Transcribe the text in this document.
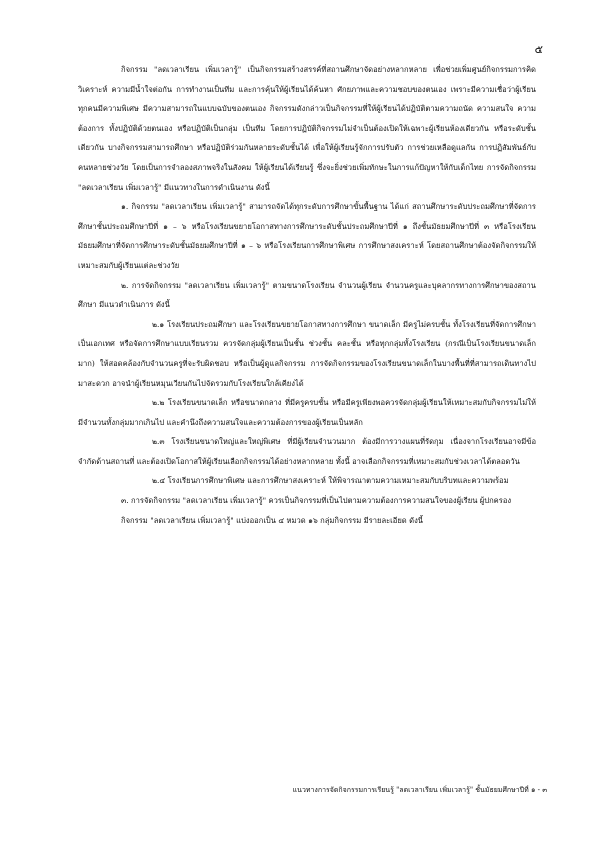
๕

กิจกรรม "ลดเวลาเรียน เพิ่มเวลารู้" เป็นกิจกรรมสร้างสรรค์ที่สถานศึกษาจัดอย่างหลากหลาย เพื่อช่วยเพิ่มศูนย์กิจกรรมการคิดวิเคราะห์ ความมีน้ำใจต่อกัน การทำงานเป็นทีม และการคุ้นให้ผู้เรียนได้ค้นหา ศักยภาพและความชอบของตนเอง เพราะมีความเชื่อว่าผู้เรียนทุกคนมีความพิเศษ มีความสามารถในแบบฉบับของตนเอง กิจกรรมดังกล่าวเป็นกิจกรรมที่ให้ผู้เรียนได้ปฏิบัติตามความถนัด ความสนใจ ความต้องการ ทั้งปฏิบัติด้วยตนเอง หรือปฏิบัติเป็นกลุ่ม เป็นทีม โดยการปฏิบัติกิจกรรมไม่จำเป็นต้องเปิดให้เฉพาะผู้เรียนห้องเดียวกัน หรือระดับชั้นเดียวกัน บางกิจกรรมสามารถศึกษา หรือปฏิบัติร่วมกันหลายระดับชั้นได้ เพื่อให้ผู้เรียนรู้จักการปรับตัว การช่วยเหลือดูแลกัน การปฏิสัมพันธ์กับคนหลายช่วงวัย โดยเป็นการจำลองสภาพจริงในสังคม ให้ผู้เรียนได้เรียนรู้ ซึ่งจะยิ่งช่วยเพิ่มทักษะในการแก้ปัญหาให้กับเด็กไทย การจัดกิจกรรม "ลดเวลาเรียน เพิ่มเวลารู้" มีแนวทางในการดำเนินงาน ดังนี้

๑. กิจกรรม "ลดเวลาเรียน เพิ่มเวลารู้" สามารถจัดได้ทุกระดับการศึกษาขั้นพื้นฐาน ได้แก่ สถานศึกษาระดับประถมศึกษาที่จัดการศึกษาชั้นประถมศึกษาปีที่ ๑ – ๖ หรือโรงเรียนขยายโอกาสทางการศึกษาระดับชั้นประถมศึกษาปีที่ ๑ ถึงชั้นมัธยมศึกษาปีที่ ๓ หรือโรงเรียนมัธยมศึกษาที่จัดการศึกษาระดับชั้นมัธยมศึกษาปีที่ ๑ – ๖ หรือโรงเรียนการศึกษาพิเศษ การศึกษาสงเคราะห์ โดยสถานศึกษาต้องจัดกิจกรรมให้เหมาะสมกับผู้เรียนแต่ละช่วงวัย

๒. การจัดกิจกรรม "ลดเวลาเรียน เพิ่มเวลารู้" ตามขนาดโรงเรียน จำนวนผู้เรียน จำนวนครูและบุคลากรทางการศึกษาของสถานศึกษา มีแนวดำเนินการ ดังนี้

๒.๑ โรงเรียนประถมศึกษา และโรงเรียนขยายโอกาสทางการศึกษา ขนาดเล็ก มีครูไม่ครบชั้น ทั้งโรงเรียนที่จัดการศึกษาเป็นเอกเทศ หรือจัดการศึกษาแบบเรียนรวม ควรจัดกลุ่มผู้เรียนเป็นชั้น ช่วงชั้น คละชั้น หรือทุกกลุ่มทั้งโรงเรียน (กรณีเป็นโรงเรียนขนาดเล็กมาก) ให้สอดคล้องกับจำนวนครูที่จะรับผิดชอบ หรือเป็นผู้ดูแลกิจกรรม การจัดกิจกรรมของโรงเรียนขนาดเล็กในบางพื้นที่ที่สามารถเดินทางไปมาสะดวก อาจนำผู้เรียนหมุนเวียนกันไปจัดรวมกับโรงเรียนใกล้เคียงได้

๒.๒ โรงเรียนขนาดเล็ก หรือขนาดกลาง ที่มีครูครบชั้น หรือมีครูเพียงพอควรจัดกลุ่มผู้เรียนให้เหมาะสมกับกิจกรรมไม่ให้มีจำนวนทั้งกลุ่มมากเกินไป และคำนึงถึงความสนใจและความต้องการของผู้เรียนเป็นหลัก

๒.๓ โรงเรียนขนาดใหญ่และใหญ่พิเศษ ที่มีผู้เรียนจำนวนมาก ต้องมีการวางแผนที่รัดกุม เนื่องจากโรงเรียนอาจมีข้อจำกัดด้านสถานที่ และต้องเปิดโอกาสให้ผู้เรียนเลือกกิจกรรมได้อย่างหลากหลาย ทั้งนี้ อาจเลือกกิจกรรมที่เหมาะสมกับช่วงเวลาได้ตลอดวัน

๒.๔ โรงเรียนการศึกษาพิเศษ และการศึกษาสงเคราะห์ ให้พิจารณาตามความเหมาะสมกับบริบทและความพร้อม

๓. การจัดกิจกรรม "ลดเวลาเรียน เพิ่มเวลารู้" ควรเป็นกิจกรรมที่เป็นไปตามความต้องการความสนใจของผู้เรียน ผู้ปกครอง

กิจกรรม "ลดเวลาเรียน เพิ่มเวลารู้" แบ่งออกเป็น ๔ หมวด ๑๖ กลุ่มกิจกรรม มีรายละเอียด ดังนี้

แนวทางการจัดกิจกรรมการเรียนรู้ "ลดเวลาเรียน เพิ่มเวลารู้" ชั้นมัธยมศึกษาปีที่ ๑ - ๓
